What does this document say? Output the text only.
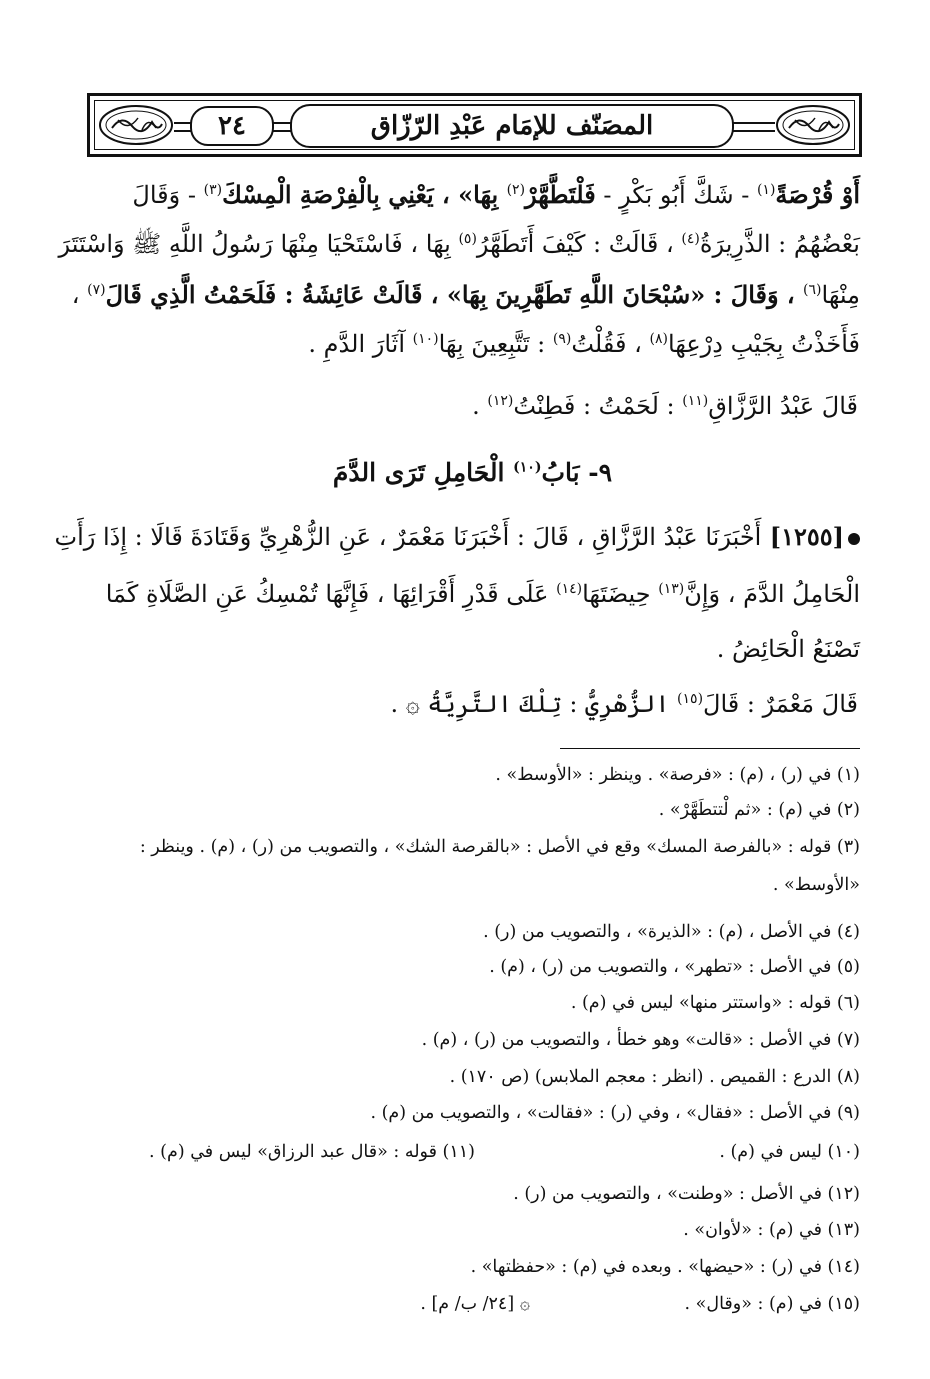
٢٤	المصَنّف للإمَام عَبْدِ الرّزّاق
أَوْ قُرْصَةً$^{(١)}$ - شَكَّ أَبُو بَكْرٍ - فَلْتَطَّهَّرْ$^{(٢)}$ بِهَا» ، يَعْنِي بِالْفِرْصَةِ الْمِسْكَ$^{(٣)}$ - وَقَالَ
بَعْضُهُمُ : الذَّرِيرَةُ$^{(٤)}$ ، قَالَتْ : كَيْفَ أَتَطَهَّرُ$^{(٥)}$ بِهَا ، فَاسْتَحْيَا مِنْهَا رَسُولُ اللَّهِ ﷺ وَاسْتَتَرَ
مِنْهَا$^{(٦)}$ ، وَقَالَ : «سُبْحَانَ اللَّهِ تَطَهَّرِينَ بِهَا» ، قَالَتْ عَائِشَةُ : فَلَحَمْتُ الَّذِي قَالَ$^{(٧)}$ ،
فَأَخَذْتُ بِجَيْبِ دِرْعِهَا$^{(٨)}$ ، فَقُلْتُ$^{(٩)}$ : تَتَّبِعِينَ بِهَا$^{(١٠)}$ آثَارَ الدَّمِ .
قَالَ عَبْدُ الرَّزَّاقِ$^{(١١)}$ : لَحَمْتُ : فَطِنْتُ$^{(١٢)}$ .
٩- بَابُ$^{(١٠)}$ الْحَامِلِ تَرَى الدَّمَ
[١٢٥٥] أَخْبَرَنَا عَبْدُ الرَّزَّاقِ ، قَالَ : أَخْبَرَنَا مَعْمَرٌ ، عَنِ الزُّهْرِيِّ وَقَتَادَةَ قَالَا : إِذَا رَأَتِ
الْحَامِلُ الدَّمَ ، وَإِنَّ$^{(١٣)}$ حِيضَتَهَا$^{(١٤)}$ عَلَى قَدْرِ أَقْرَائِهَا ، فَإِنَّهَا تُمْسِكُ عَنِ الصَّلَاةِ كَمَا
تَصْنَعُ الْحَائِضُ .
قَالَ مَعْمَرٌ : قَالَ$^{(١٥)}$ الزُّهْرِيُّ : تِلْكَ التَّرِيَّةُ ۞ .
(١) في (ر) ، (م) : «فرصة» . وينظر : «الأوسط» .
(٢) في (م) : «ثم لْتتطَهَّرْ» .
(٣) قوله : «بالفرصة المسك» وقع في الأصل : «بالقرصة الشك» ، والتصويب من (ر) ، (م) . وينظر :
«الأوسط» .
(٤) في الأصل ، (م) : «الذيرة» ، والتصويب من (ر) .
(٥) في الأصل : «تطهر» ، والتصويب من (ر) ، (م) .
(٦) قوله : «واستتر منها» ليس في (م) .
(٧) في الأصل : «قالت» وهو خطأ ، والتصويب من (ر) ، (م) .
(٨) الدرع : القميص . (انظر : معجم الملابس) (ص ١٧٠) .
(٩) في الأصل : «فقال» ، وفي (ر) : «فقالت» ، والتصويب من (م) .
(١٠) ليس في (م) .
(١١) قوله : «قال عبد الرزاق» ليس في (م) .
(١٢) في الأصل : «وطنت» ، والتصويب من (ر) .
(١٣) في (م) : «لأوان» .
(١٤) في (ر) : «حيضها» . وبعده في (م) : «حفظتها» .
(١٥) في (م) : «وقال» .
۞ [٢٤/ ب/ م] .
